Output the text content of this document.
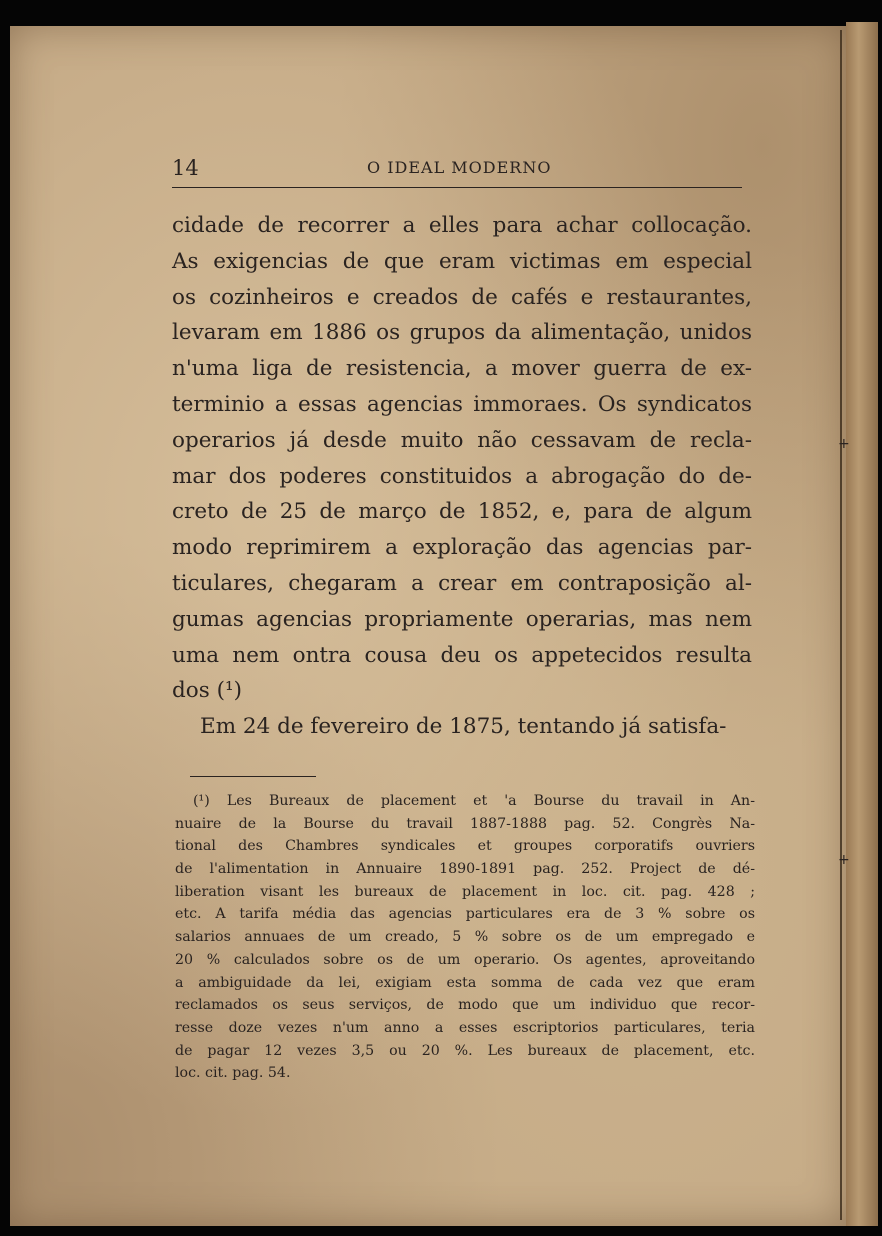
14	O IDEAL MODERNO
cidade de recorrer a elles para achar collocação.
As exigencias de que eram victimas em especial
os cozinheiros e creados de cafés e restaurantes,
levaram em 1886 os grupos da alimentação, unidos
n'uma liga de resistencia, a mover guerra de ex-
terminio a essas agencias immoraes. Os syndicatos
operarios já desde muito não cessavam de recla-
mar dos poderes constituidos a abrogação do de-
creto de 25 de março de 1852, e, para de algum
modo reprimirem a exploração das agencias par-
ticulares, chegaram a crear em contraposição al-
gumas agencias propriamente operarias, mas nem
uma nem ontra cousa deu os appetecidos resulta
dos (¹)
Em 24 de fevereiro de 1875, tentando já satisfa-
(¹) Les Bureaux de placement et 'a Bourse du travail in An-
nuaire de la Bourse du travail 1887-1888 pag. 52. Congrès Na-
tional des Chambres syndicales et groupes corporatifs ouvriers
de l'alimentation in Annuaire 1890-1891 pag. 252. Project de dé-
liberation visant les bureaux de placement in loc. cit. pag. 428 ;
etc. A tarifa média das agencias particulares era de 3 % sobre os
salarios annuaes de um creado, 5 % sobre os de um empregado e
20 % calculados sobre os de um operario. Os agentes, aproveitando
a ambiguidade da lei, exigiam esta somma de cada vez que eram
reclamados os seus serviços, de modo que um individuo que recor-
resse doze vezes n'um anno a esses escriptorios particulares, teria
de pagar 12 vezes 3,5 ou 20 %. Les bureaux de placement, etc.
loc. cit. pag. 54.
+
+
